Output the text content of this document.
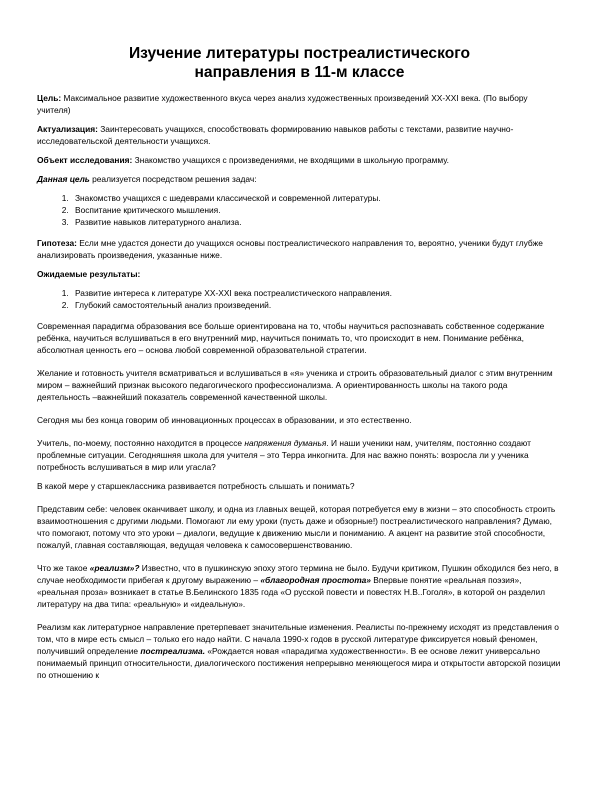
Изучение литературы постреалистического
направления в 11-м классе

Цель: Максимальное развитие художественного вкуса через анализ художественных произведений XX-XXI века. (По выбору учителя)

Актуализация: Заинтересовать учащихся, способствовать формированию навыков работы с текстами, развитие научно-исследовательской деятельности учащихся.

Объект исследования: Знакомство учащихся с произведениями, не входящими в школьную программу.

Данная цель реализуется посредством решения задач:

1. Знакомство учащихся с шедеврами классической и современной литературы.
2. Воспитание критического мышления.
3. Развитие навыков литературного анализа.

Гипотеза: Если мне удастся донести до учащихся основы постреалистического направления то, вероятно, ученики будут глубже анализировать произведения, указанные ниже.

Ожидаемые результаты:

1. Развитие интереса к литературе XX-XXI века постреалистического направления.
2. Глубокий самостоятельный анализ произведений.

Современная парадигма образования все больше ориентирована на то, чтобы научиться распознавать собственное содержание ребёнка, научиться вслушиваться в его внутренний мир, научиться понимать то, что происходит в нем. Понимание ребёнка, абсолютная ценность его – основа любой современной образовательной стратегии.

Желание и готовность учителя всматриваться и вслушиваться в «я» ученика и строить образовательный диалог с этим внутренним миром – важнейший признак высокого педагогического профессионализма. А ориентированность школы на такого рода деятельность –важнейший показатель современной качественной школы.

Сегодня мы без конца говорим об инновационных процессах в образовании, и это естественно.

Учитель, по-моему, постоянно находится в процессе напряжения думанья. И наши ученики нам, учителям, постоянно создают проблемные ситуации. Сегодняшняя школа для учителя – это Терра инкогнита. Для нас важно понять: возросла ли у ученика потребность вслушиваться в мир или угасла?

В какой мере у старшеклассника развивается потребность слышать и понимать?

Представим себе: человек оканчивает школу, и одна из главных вещей, которая потребуется ему в жизни – это способность строить взаимоотношения с другими людьми. Помогают ли ему уроки (пусть даже и обзорные!) постреалистического направления? Думаю, что помогают, потому что это уроки – диалоги, ведущие к движению мысли и пониманию. А акцент на развитие этой способности, пожалуй, главная составляющая, ведущая человека к самосовершенствованию.

Что же такое «реализм»? Известно, что в пушкинскую эпоху этого термина не было. Будучи критиком, Пушкин обходился без него, в случае необходимости прибегая к другому выражению – «благородная простота» Впервые понятие «реальная поэзия», «реальная проза» возникает в статье В.Белинского 1835 года «О русской повести и повестях Н.В..Гоголя», в которой он разделил литературу на два типа: «реальную» и «идеальную».

Реализм как литературное направление претерпевает значительные изменения. Реалисты по-прежнему исходят из представления о том, что в мире есть смысл – только его надо найти. С начала 1990-х годов в русской литературе фиксируется новый феномен, получивший определение постреализма. «Рождается новая «парадигма художественности». В ее основе лежит универсально понимаемый принцип относительности, диалогического постижения непрерывно меняющегося мира и открытости авторской позиции по отношению к
